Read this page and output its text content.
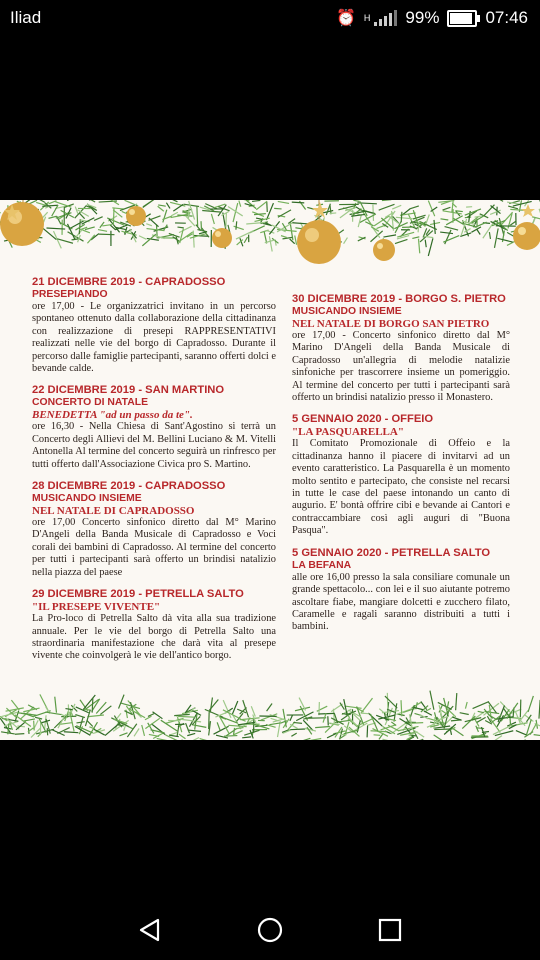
Iliad	⏰ H 99%	07:46
21 DICEMBRE 2019 - CAPRADOSSO
PRESEPIANDO
ore 17,00 - Le organizzatrici invitano in un percorso spontaneo ottenuto dalla collaborazione della cittadinanza con realizzazione di presepi RAPPRESENTATIVI realizzati nelle vie del borgo di Capradosso. Durante il percorso dalle famiglie partecipanti, saranno offerti dolci e bevande calde.
22 DICEMBRE 2019 - SAN MARTINO
CONCERTO DI NATALE
BENEDETTA "ad un passo da te".
ore 16,30 - Nella Chiesa di Sant'Agostino si terrà un Concerto degli Allievi del M. Bellini Luciano & M. Vitelli Antonella Al termine del concerto seguirà un rinfresco per tutti offerto dall'Associazione Civica pro S. Martino.
28 DICEMBRE 2019 - CAPRADOSSO
MUSICANDO INSIEME
NEL NATALE DI CAPRADOSSO
ore 17,00 Concerto sinfonico diretto dal M° Marino D'Angeli della Banda Musicale di Capradosso e Voci corali dei bambini di Capradosso. Al termine del concerto per tutti i partecipanti sarà offerto un brindisi natalizio nella piazza del paese
29 DICEMBRE 2019 - PETRELLA SALTO
"IL PRESEPE VIVENTE"
La Pro-loco di Petrella Salto dà vita alla sua tradizione annuale. Per le vie del borgo di Petrella Salto una straordinaria manifestazione che darà vita al presepe vivente che coinvolgerà le vie dell'antico borgo.
30 DICEMBRE 2019 - BORGO S. PIETRO
MUSICANDO INSIEME
NEL NATALE DI BORGO SAN PIETRO
ore 17,00 - Concerto sinfonico diretto dal M° Marino D'Angeli della Banda Musicale di Capradosso un'allegria di melodie natalizie sinfoniche per trascorrere insieme un pomeriggio. Al termine del concerto per tutti i partecipanti sarà offerto un brindisi natalizio presso il Monastero.
5 GENNAIO 2020 - OFFEIO
"LA PASQUARELLA"
Il Comitato Promozionale di Offeio e la cittadinanza hanno il piacere di invitarvi ad un evento caratteristico. La Pasquarella è un momento molto sentito e partecipato, che consiste nel recarsi in tutte le case del paese intonando un canto di augurio. E' bontà offrire cibi e bevande ai Cantori e contraccambiare così agli auguri di "Buona Pasqua".
5 GENNAIO 2020 - PETRELLA SALTO
LA BEFANA
alle ore 16,00 presso la sala consiliare comunale un grande spettacolo... con lei e il suo aiutante potremo ascoltare fiabe, mangiare dolcetti e zucchero filato, Caramelle e ragali saranno distribuiti a tutti i bambini.
